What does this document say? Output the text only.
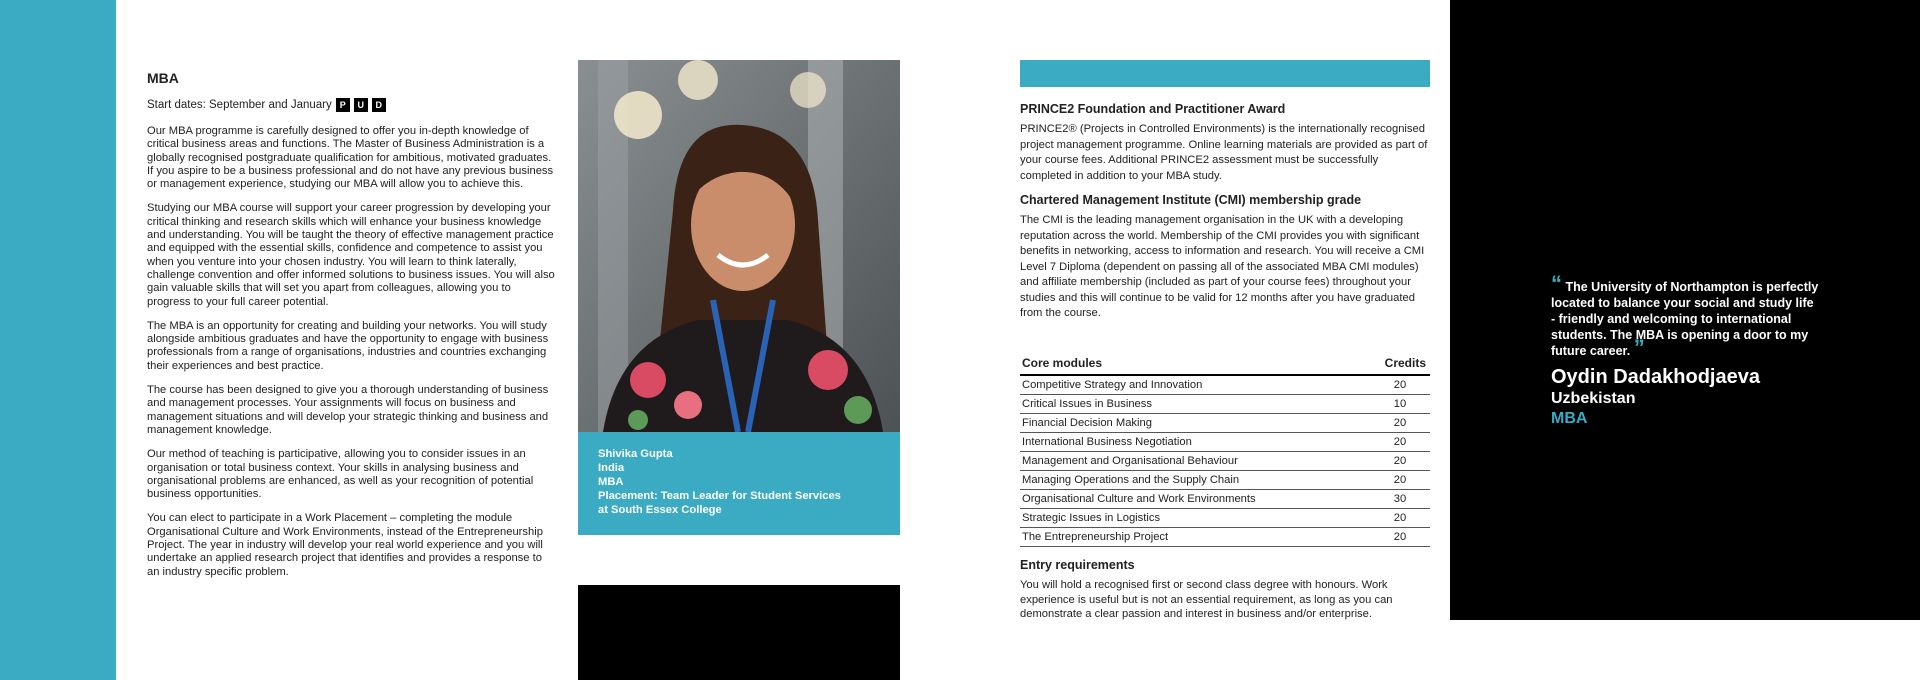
MBA
Start dates: September and January P	U	D

Our MBA programme is carefully designed to offer you in-depth knowledge of critical business areas and functions. The Master of Business Administration is a globally recognised postgraduate qualification for ambitious, motivated graduates. If you aspire to be a business professional and do not have any previous business or management experience, studying our MBA will allow you to achieve this.

Studying our MBA course will support your career progression by developing your critical thinking and research skills which will enhance your business knowledge and understanding. You will be taught the theory of effective management practice and equipped with the essential skills, confidence and competence to assist you when you venture into your chosen industry. You will learn to think laterally, challenge convention and offer informed solutions to business issues. You will also gain valuable skills that will set you apart from colleagues, allowing you to progress to your full career potential.

The MBA is an opportunity for creating and building your networks. You will study alongside ambitious graduates and have the opportunity to engage with business professionals from a range of organisations, industries and countries exchanging their experiences and best practice.

The course has been designed to give you a thorough understanding of business and management processes. Your assignments will focus on business and management situations and will develop your strategic thinking and business and management knowledge.

Our method of teaching is participative, allowing you to consider issues in an organisation or total business context. Your skills in analysing business and organisational problems are enhanced, as well as your recognition of potential business opportunities.

You can elect to participate in a Work Placement – completing the module Organisational Culture and Work Environments, instead of the Entrepreneurship Project. The year in industry will develop your real world experience and you will undertake an applied research project that identifies and provides a response to an industry specific problem.

Shivika Gupta
India
MBA
Placement: Team Leader for Student Services
at South Essex College
PRINCE2 Foundation and Practitioner Award

PRINCE2® (Projects in Controlled Environments) is the internationally recognised project management programme. Online learning materials are provided as part of your course fees. Additional PRINCE2 assessment must be successfully completed in addition to your MBA study.

Chartered Management Institute (CMI) membership grade

The CMI is the leading management organisation in the UK with a developing reputation across the world. Membership of the CMI provides you with significant benefits in networking, access to information and research. You will receive a CMI Level 7 Diploma (dependent on passing all of the associated MBA CMI modules) and affiliate membership (included as part of your course fees) throughout your studies and this will continue to be valid for 12 months after you have graduated from the course.

Core modules	Credits
Competitive Strategy and Innovation	20
Critical Issues in Business	10
Financial Decision Making	20
International Business Negotiation	20
Management and Organisational Behaviour	20
Managing Operations and the Supply Chain	20
Organisational Culture and Work Environments	30
Strategic Issues in Logistics	20
The Entrepreneurship Project	20
Entry requirements

You will hold a recognised first or second class degree with honours. Work experience is useful but is not an essential requirement, as long as you can demonstrate a clear passion and interest in business and/or enterprise.

“ The University of Northampton is perfectly located to balance your social and study life - friendly and welcoming to international students. The MBA is opening a door to my future career. ”
Oydin Dadakhodjaeva
Uzbekistan
MBA
